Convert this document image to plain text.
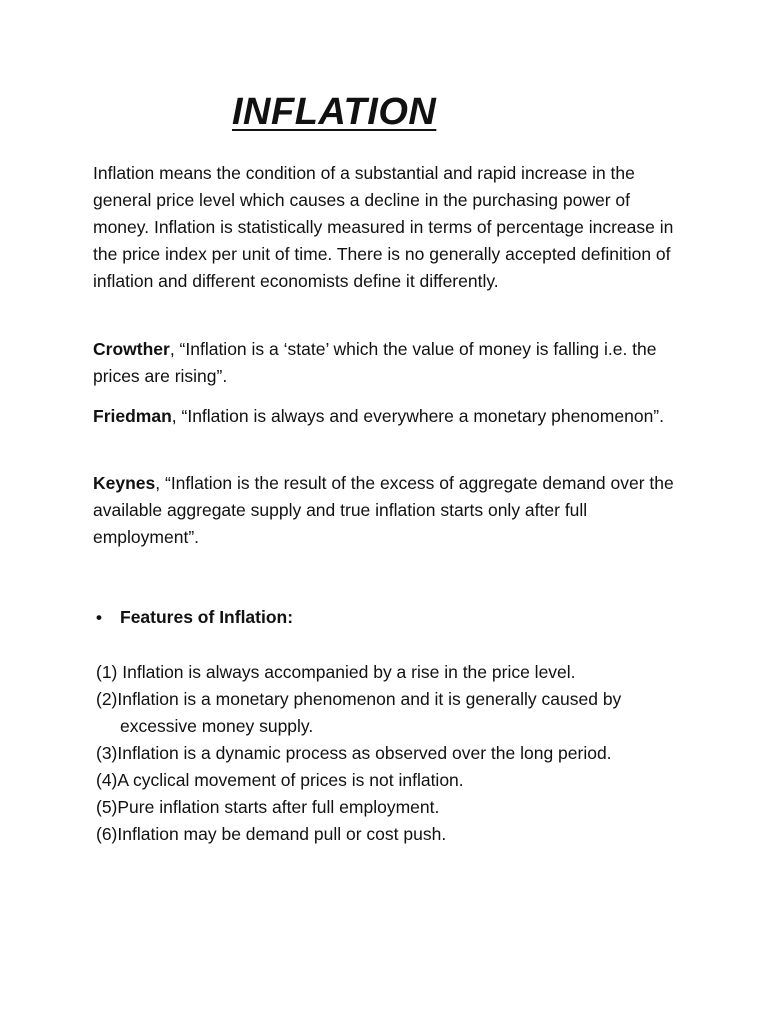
INFLATION

Inflation means the condition of a substantial and rapid increase in the general price level which causes a decline in the purchasing power of money. Inflation is statistically measured in terms of percentage increase in the price index per unit of time. There is no generally accepted definition of inflation and different economists define it differently.

Crowther, “Inflation is a ‘state’ which the value of money is falling i.e. the prices are rising”.

Friedman, “Inflation is always and everywhere a monetary phenomenon”.

Keynes, “Inflation is the result of the excess of aggregate demand over the available aggregate supply and true inflation starts only after full employment”.

• Features of Inflation:

(1) Inflation is always accompanied by a rise in the price level.
(2)Inflation is a monetary phenomenon and it is generally caused by excessive money supply.
(3)Inflation is a dynamic process as observed over the long period.
(4)A cyclical movement of prices is not inflation.
(5)Pure inflation starts after full employment.
(6)Inflation may be demand pull or cost push.
